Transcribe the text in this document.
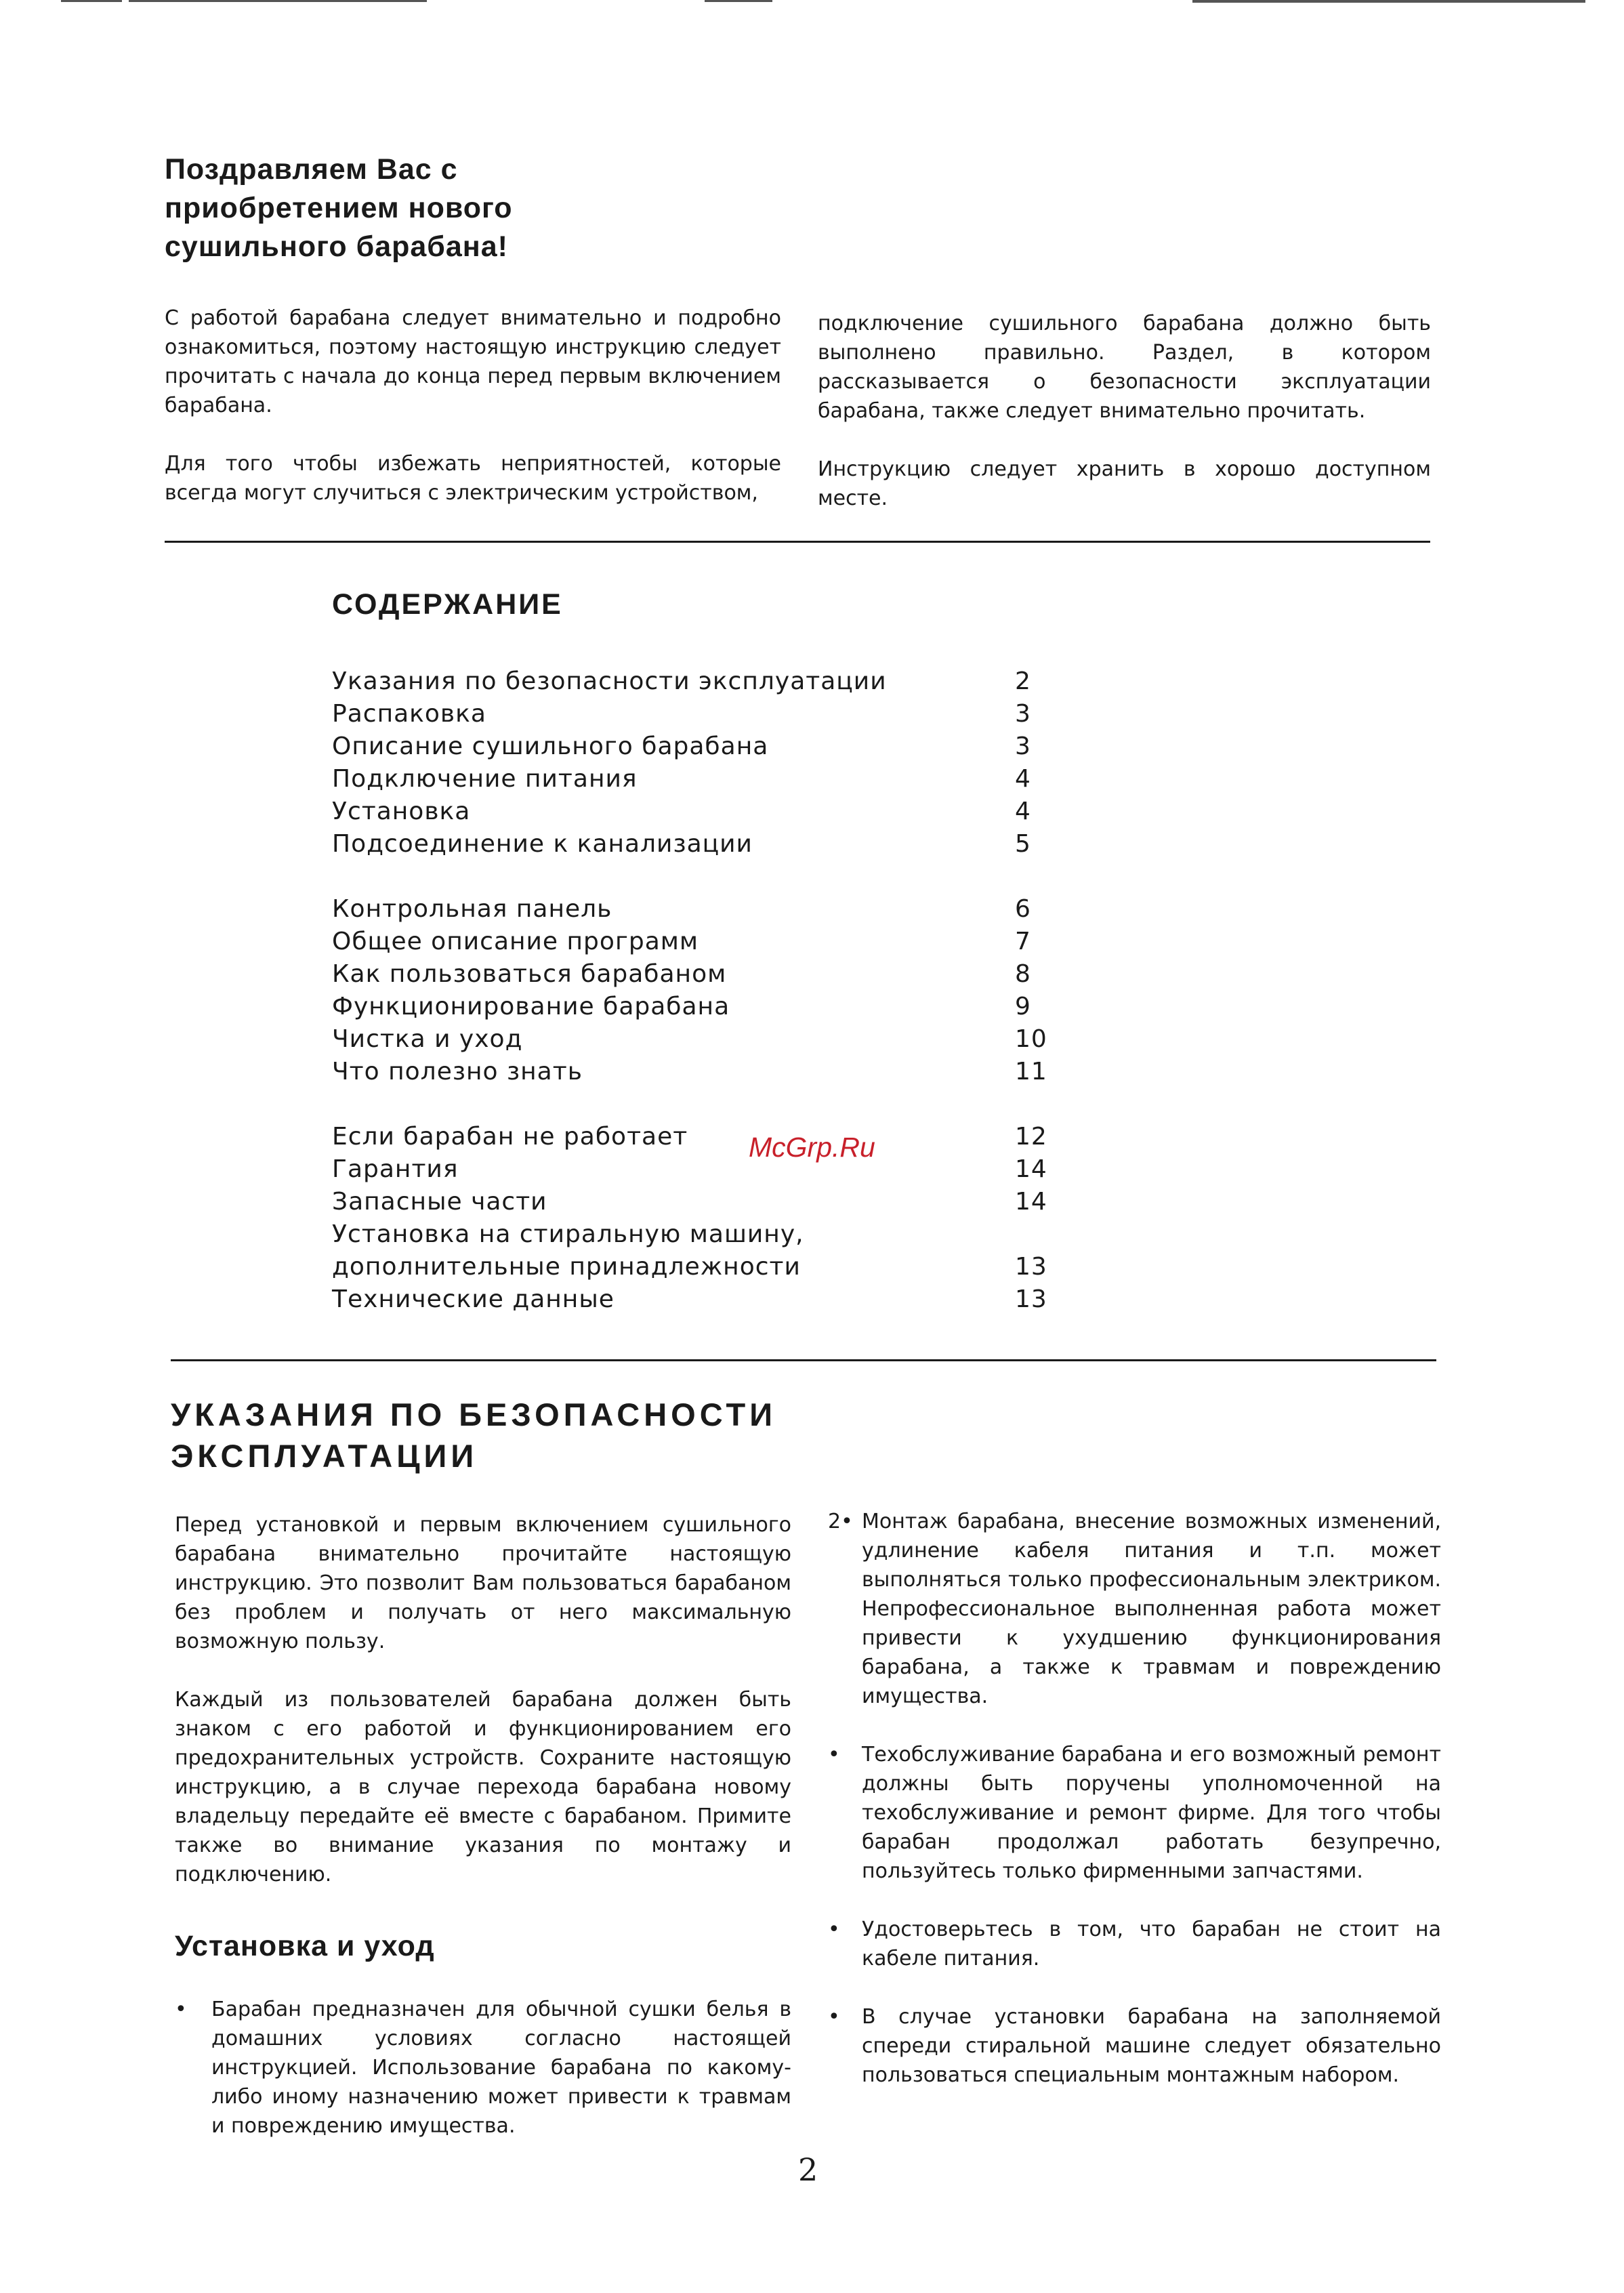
Поздравляем Вас с приобретением нового сушильного барабана!

С работой барабана следует внимательно и подробно ознакомиться, поэтому настоящую инструкцию следует прочитать с начала до конца перед первым включением барабана.

Для того чтобы избежать неприятностей, которые всегда могут случиться с электрическим устройством,

подключение сушильного барабана должно быть выполнено правильно. Раздел, в котором рассказывается о безопасности эксплуатации барабана, также следует внимательно прочитать.

Инструкцию следует хранить в хорошо доступном месте.

СОДЕРЖАНИЕ
Указания по безопасности эксплуатации	2
Распаковка	3
Описание сушильного барабана	3
Подключение питания	4
Установка	4
Подсоединение к канализации	5
Контрольная панель	6
Общее описание программ	7
Как пользоваться барабаном	8
Функционирование барабана	9
Чистка и уход	10
Что полезно знать	11
Если барабан не работает	12
Гарантия	14
Запасные части	14
Установка на стиральную машину,
дополнительные принадлежности	13
Технические данные	13
McGrp.Ru
УКАЗАНИЯ ПО БЕЗОПАСНОСТИ ЭКСПЛУАТАЦИИ

Перед установкой и первым включением сушильного барабана внимательно прочитайте настоящую инструкцию. Это позволит Вам пользоваться барабаном без проблем и получать от него максимальную возможную пользу.

Каждый из пользователей барабана должен быть знаком с его работой и функционированием его предохранительных устройств. Сохраните настоящую инструкцию, а в случае перехода барабана новому владельцу передайте её вместе с барабаном. Примите также во внимание указания по монтажу и подключению.

Установка и уход
• Барабан предназначен для обычной сушки белья в домашних условиях согласно настоящей инструкцией. Использование барабана по какому-либо иному назначению может привести к травмам и повреждению имущества.

2• Монтаж барабана, внесение возможных изменений, удлинение кабеля питания и т.п. может выполняться только профессиональным электриком. Непрофессиональное выполненная работа может привести к ухудшению функционирования барабана, а также к травмам и повреждению имущества.

• Техобслуживание барабана и его возможный ремонт должны быть поручены уполномоченной на техобслуживание и ремонт фирме. Для того чтобы барабан продолжал работать безупречно, пользуйтесь только фирменными запчастями.

• Удостоверьтесь в том, что барабан не стоит на кабеле питания.

• В случае установки барабана на заполняемой спереди стиральной машине следует обязательно пользоваться специальным монтажным набором.

2
